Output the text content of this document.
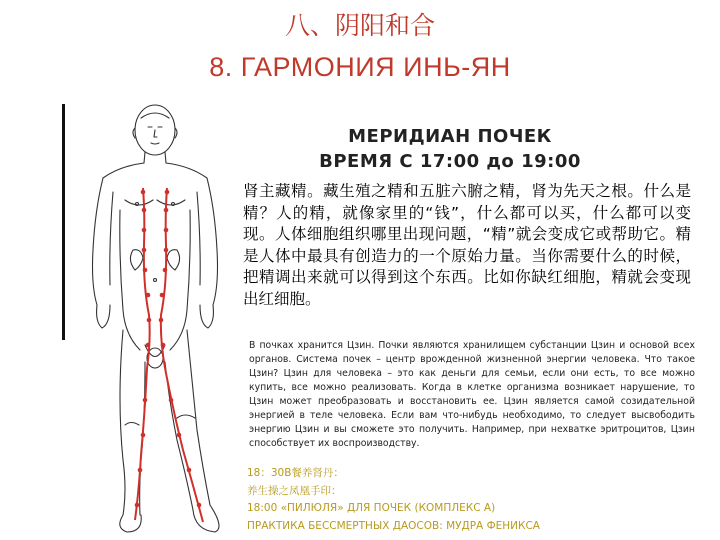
八、阴阳和合
8. ГАРМОНИЯ ИНЬ-ЯН
МЕРИДИАН ПОЧЕК
ВРЕМЯ С 17:00 до 19:00

肾主藏精。藏生殖之精和五脏六腑之精，肾为先天之根。什么是精？人的精，就像家里的“钱”，什么都可以买，什么都可以变现。人体细胞组织哪里出现问题，“精”就会变成它或帮助它。精是人体中最具有创造力的一个原始力量。当你需要什么的时候，把精调出来就可以得到这个东西。比如你缺红细胞，精就会变现出红细胞。

В почках хранится Цзин. Почки являются хранилищем субстанции Цзин и основой всех органов. Система почек – центр врожденной жизненной энергии человека. Что такое Цзин? Цзин для человека – это как деньги для семьи, если они есть, то все можно купить, все можно реализовать. Когда в клетке организма возникает нарушение, то Цзин может преобразовать и восстановить ее. Цзин является самой созидательной энергией в теле человека. Если вам что-нибудь необходимо, то следует высвободить энергию Цзин и вы сможете это получить. Например, при нехватке эритроцитов, Цзин способствует их воспроизводству.

18：30B餐养肾丹：
养生操之凤凰手印：
18:00 «ПИЛЮЛЯ» ДЛЯ ПОЧЕК (КОМПЛЕКС А)
ПРАКТИКА БЕССМЕРТНЫХ ДАОСОВ: МУДРА ФЕНИКСА
